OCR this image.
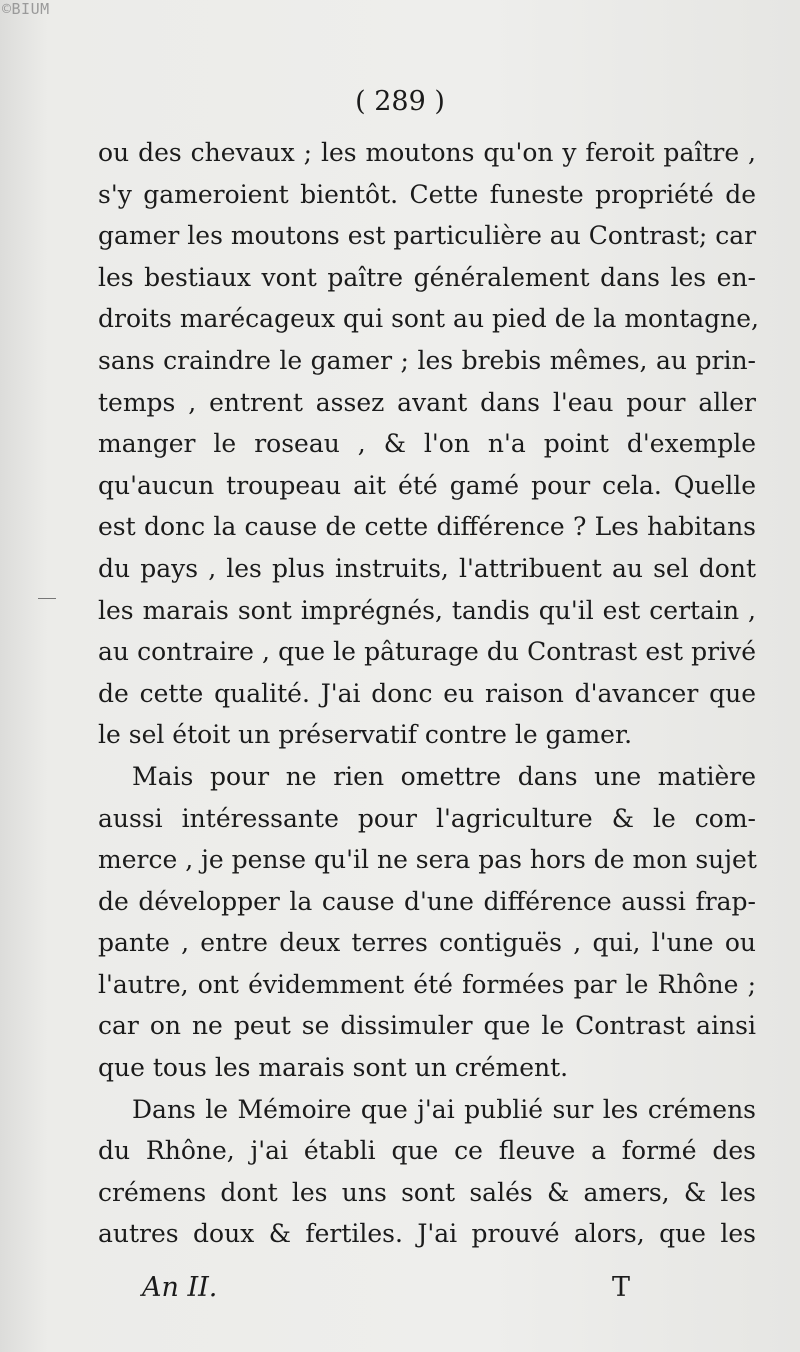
©BIUM
( 289 )
ou des chevaux ; les moutons qu'on y feroit paître ,
s'y gameroient bientôt. Cette funeste propriété de
gamer les moutons est particulière au Contrast; car
les bestiaux vont paître généralement dans les en-
droits marécageux qui sont au pied de la montagne,
sans craindre le gamer ; les brebis mêmes, au prin-
temps , entrent assez avant dans l'eau pour aller
manger le roseau , & l'on n'a point d'exemple
qu'aucun troupeau ait été gamé pour cela. Quelle
est donc la cause de cette différence ? Les habitans
du pays , les plus instruits, l'attribuent au sel dont
les marais sont imprégnés, tandis qu'il est certain ,
au contraire , que le pâturage du Contrast est privé
de cette qualité. J'ai donc eu raison d'avancer que
le sel étoit un préservatif contre le gamer.
Mais pour ne rien omettre dans une matière
aussi intéressante pour l'agriculture & le com-
merce , je pense qu'il ne sera pas hors de mon sujet
de développer la cause d'une différence aussi frap-
pante , entre deux terres contiguës , qui, l'une ou
l'autre, ont évidemment été formées par le Rhône ;
car on ne peut se dissimuler que le Contrast ainsi
que tous les marais sont un crément.
Dans le Mémoire que j'ai publié sur les crémens
du Rhône, j'ai établi que ce fleuve a formé des
crémens dont les uns sont salés & amers, & les
autres doux & fertiles. J'ai prouvé alors, que les
An II.	T
